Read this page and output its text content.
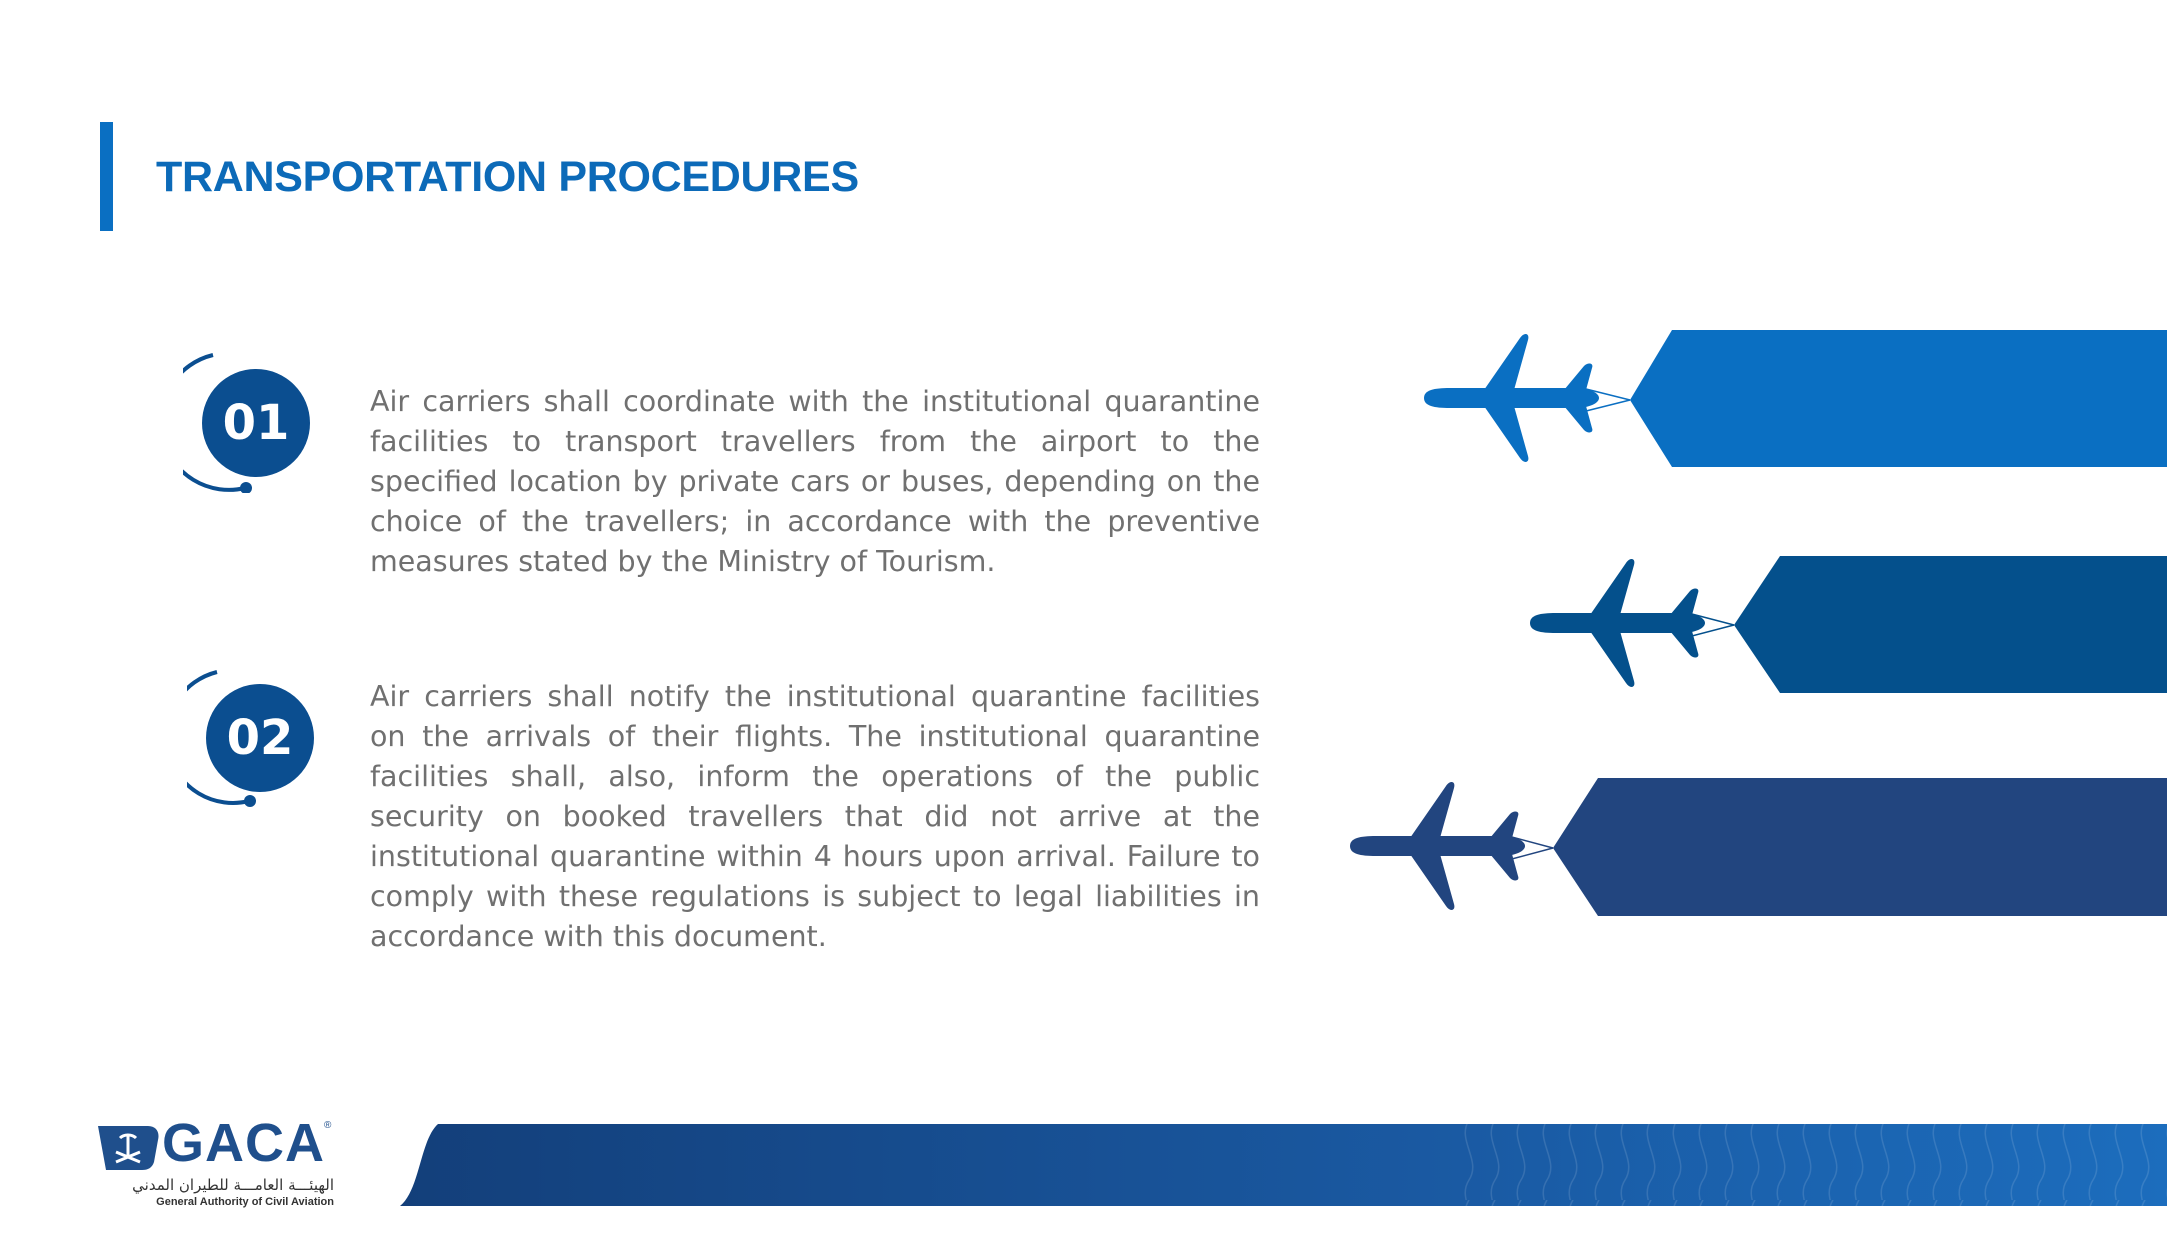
TRANSPORTATION PROCEDURES
01	Air carriers shall coordinate with the institutional quarantine facilities to transport travellers from the airport to the specified location by private cars or buses, depending on the choice of the travellers; in accordance with the preventive measures stated by the Ministry of Tourism.

02

Air carriers shall notify the institutional quarantine facilities on the arrivals of their flights. The institutional quarantine facilities shall, also, inform the operations of the public security on booked travellers that did not arrive at the institutional quarantine within 4 hours upon arrival. Failure to comply with these regulations is subject to legal liabilities in accordance with this document.

GACA ®
الهيئـــة العامـــة للطيران المدني
General Authority of Civil Aviation
